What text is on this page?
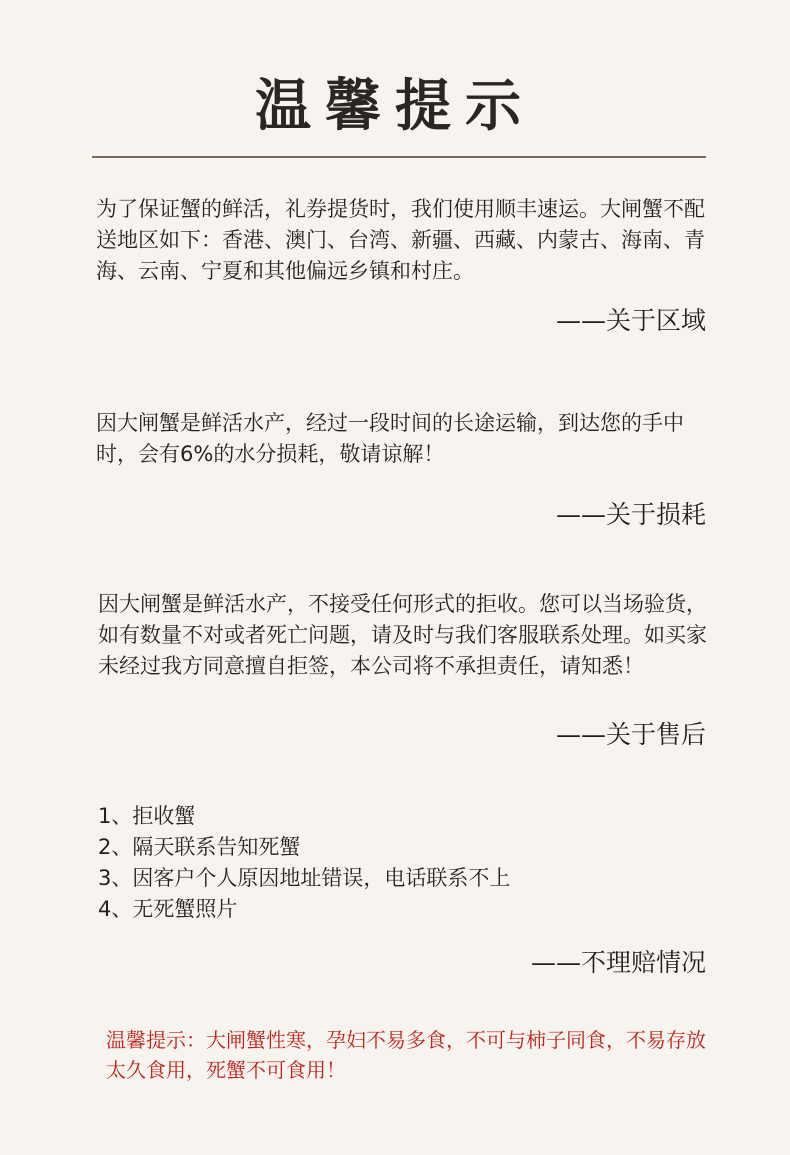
温馨提示

为了保证蟹的鲜活，礼券提货时，我们使用顺丰速运。大闸蟹不配送地区如下：香港、澳门、台湾、新疆、西藏、内蒙古、海南、青海、云南、宁夏和其他偏远乡镇和村庄。

——关于区域

因大闸蟹是鲜活水产，经过一段时间的长途运输，到达您的手中时，会有6%的水分损耗，敬请谅解！

——关于损耗

因大闸蟹是鲜活水产，不接受任何形式的拒收。您可以当场验货，如有数量不对或者死亡问题，请及时与我们客服联系处理。如买家未经过我方同意擅自拒签，本公司将不承担责任，请知悉！

——关于售后
1、拒收蟹
2、隔天联系告知死蟹
3、因客户个人原因地址错误，电话联系不上
4、无死蟹照片
——不理赔情况

温馨提示：大闸蟹性寒，孕妇不易多食，不可与柿子同食，不易存放太久食用，死蟹不可食用！
